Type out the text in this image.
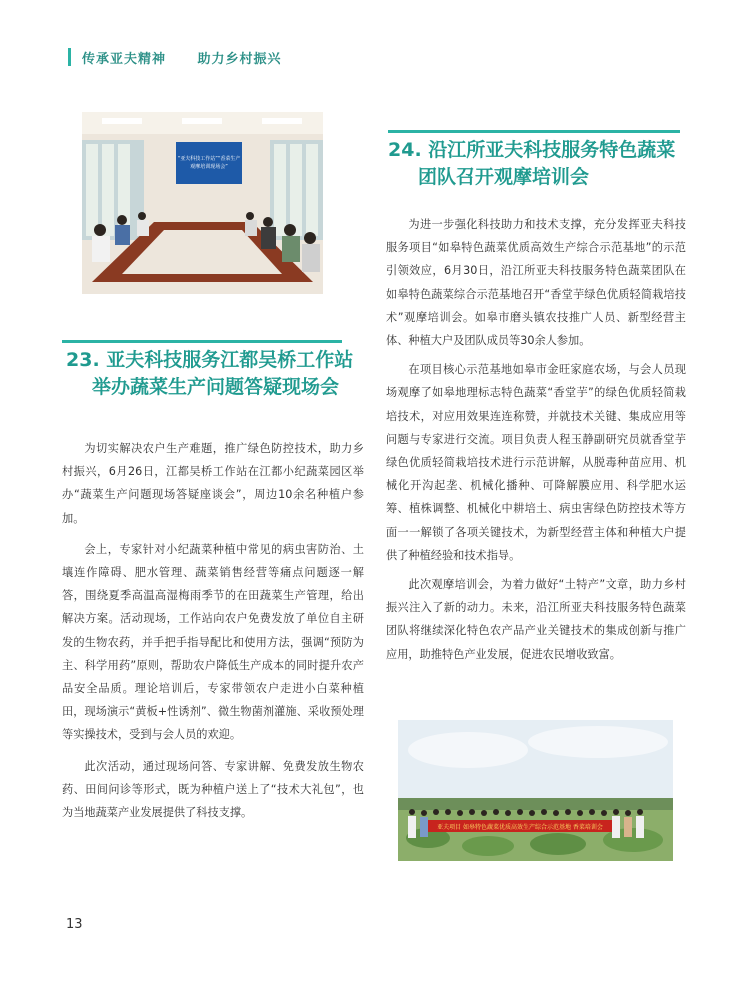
传承亚夫精神 助力乡村振兴
“亚夫科技工作站”“香菜生产
观摩培训现场会”
23. 亚夫科技服务江都吴桥工作站
举办蔬菜生产问题答疑现场会

为切实解决农户生产难题，推广绿色防控技术，助力乡村振兴，6月26日，江都吴桥工作站在江都小纪蔬菜园区举办“蔬菜生产问题现场答疑座谈会”，周边10余名种植户参加。

会上，专家针对小纪蔬菜种植中常见的病虫害防治、土壤连作障碍、肥水管理、蔬菜销售经营等痛点问题逐一解答，围绕夏季高温高湿梅雨季节的在田蔬菜生产管理，给出解决方案。活动现场，工作站向农户免费发放了单位自主研发的生物农药，并手把手指导配比和使用方法，强调“预防为主、科学用药”原则，帮助农户降低生产成本的同时提升农产品安全品质。理论培训后，专家带领农户走进小白菜种植田，现场演示“黄板+性诱剂”、微生物菌剂灌施、采收预处理等实操技术，受到与会人员的欢迎。

此次活动，通过现场问答、专家讲解、免费发放生物农药、田间问诊等形式，既为种植户送上了“技术大礼包”，也为当地蔬菜产业发展提供了科技支撑。

24. 沿江所亚夫科技服务特色蔬菜
团队召开观摩培训会

为进一步强化科技助力和技术支撑，充分发挥亚夫科技服务项目“如皋特色蔬菜优质高效生产综合示范基地”的示范引领效应，6月30日，沿江所亚夫科技服务特色蔬菜团队在如皋特色蔬菜综合示范基地召开“香堂芋绿色优质轻简栽培技术”观摩培训会。如皋市磨头镇农技推广人员、新型经营主体、种植大户及团队成员等30余人参加。

在项目核心示范基地如皋市金旺家庭农场，与会人员现场观摩了如皋地理标志特色蔬菜“香堂芋”的绿色优质轻简栽培技术，对应用效果连连称赞，并就技术关键、集成应用等问题与专家进行交流。项目负责人程玉静副研究员就香堂芋绿色优质轻简栽培技术进行示范讲解，从脱毒种苗应用、机械化开沟起垄、机械化播种、可降解膜应用、科学肥水运筹、植株调整、机械化中耕培土、病虫害绿色防控技术等方面一一解锁了各项关键技术，为新型经营主体和种植大户提供了种植经验和技术指导。

此次观摩培训会，为着力做好“土特产”文章，助力乡村振兴注入了新的动力。未来，沿江所亚夫科技服务特色蔬菜团队将继续深化特色农产品产业关键技术的集成创新与推广应用，助推特色产业发展，促进农民增收致富。

亚夫项目 如皋特色蔬菜优质高效生产综合示范基地 香菜培训会
13
